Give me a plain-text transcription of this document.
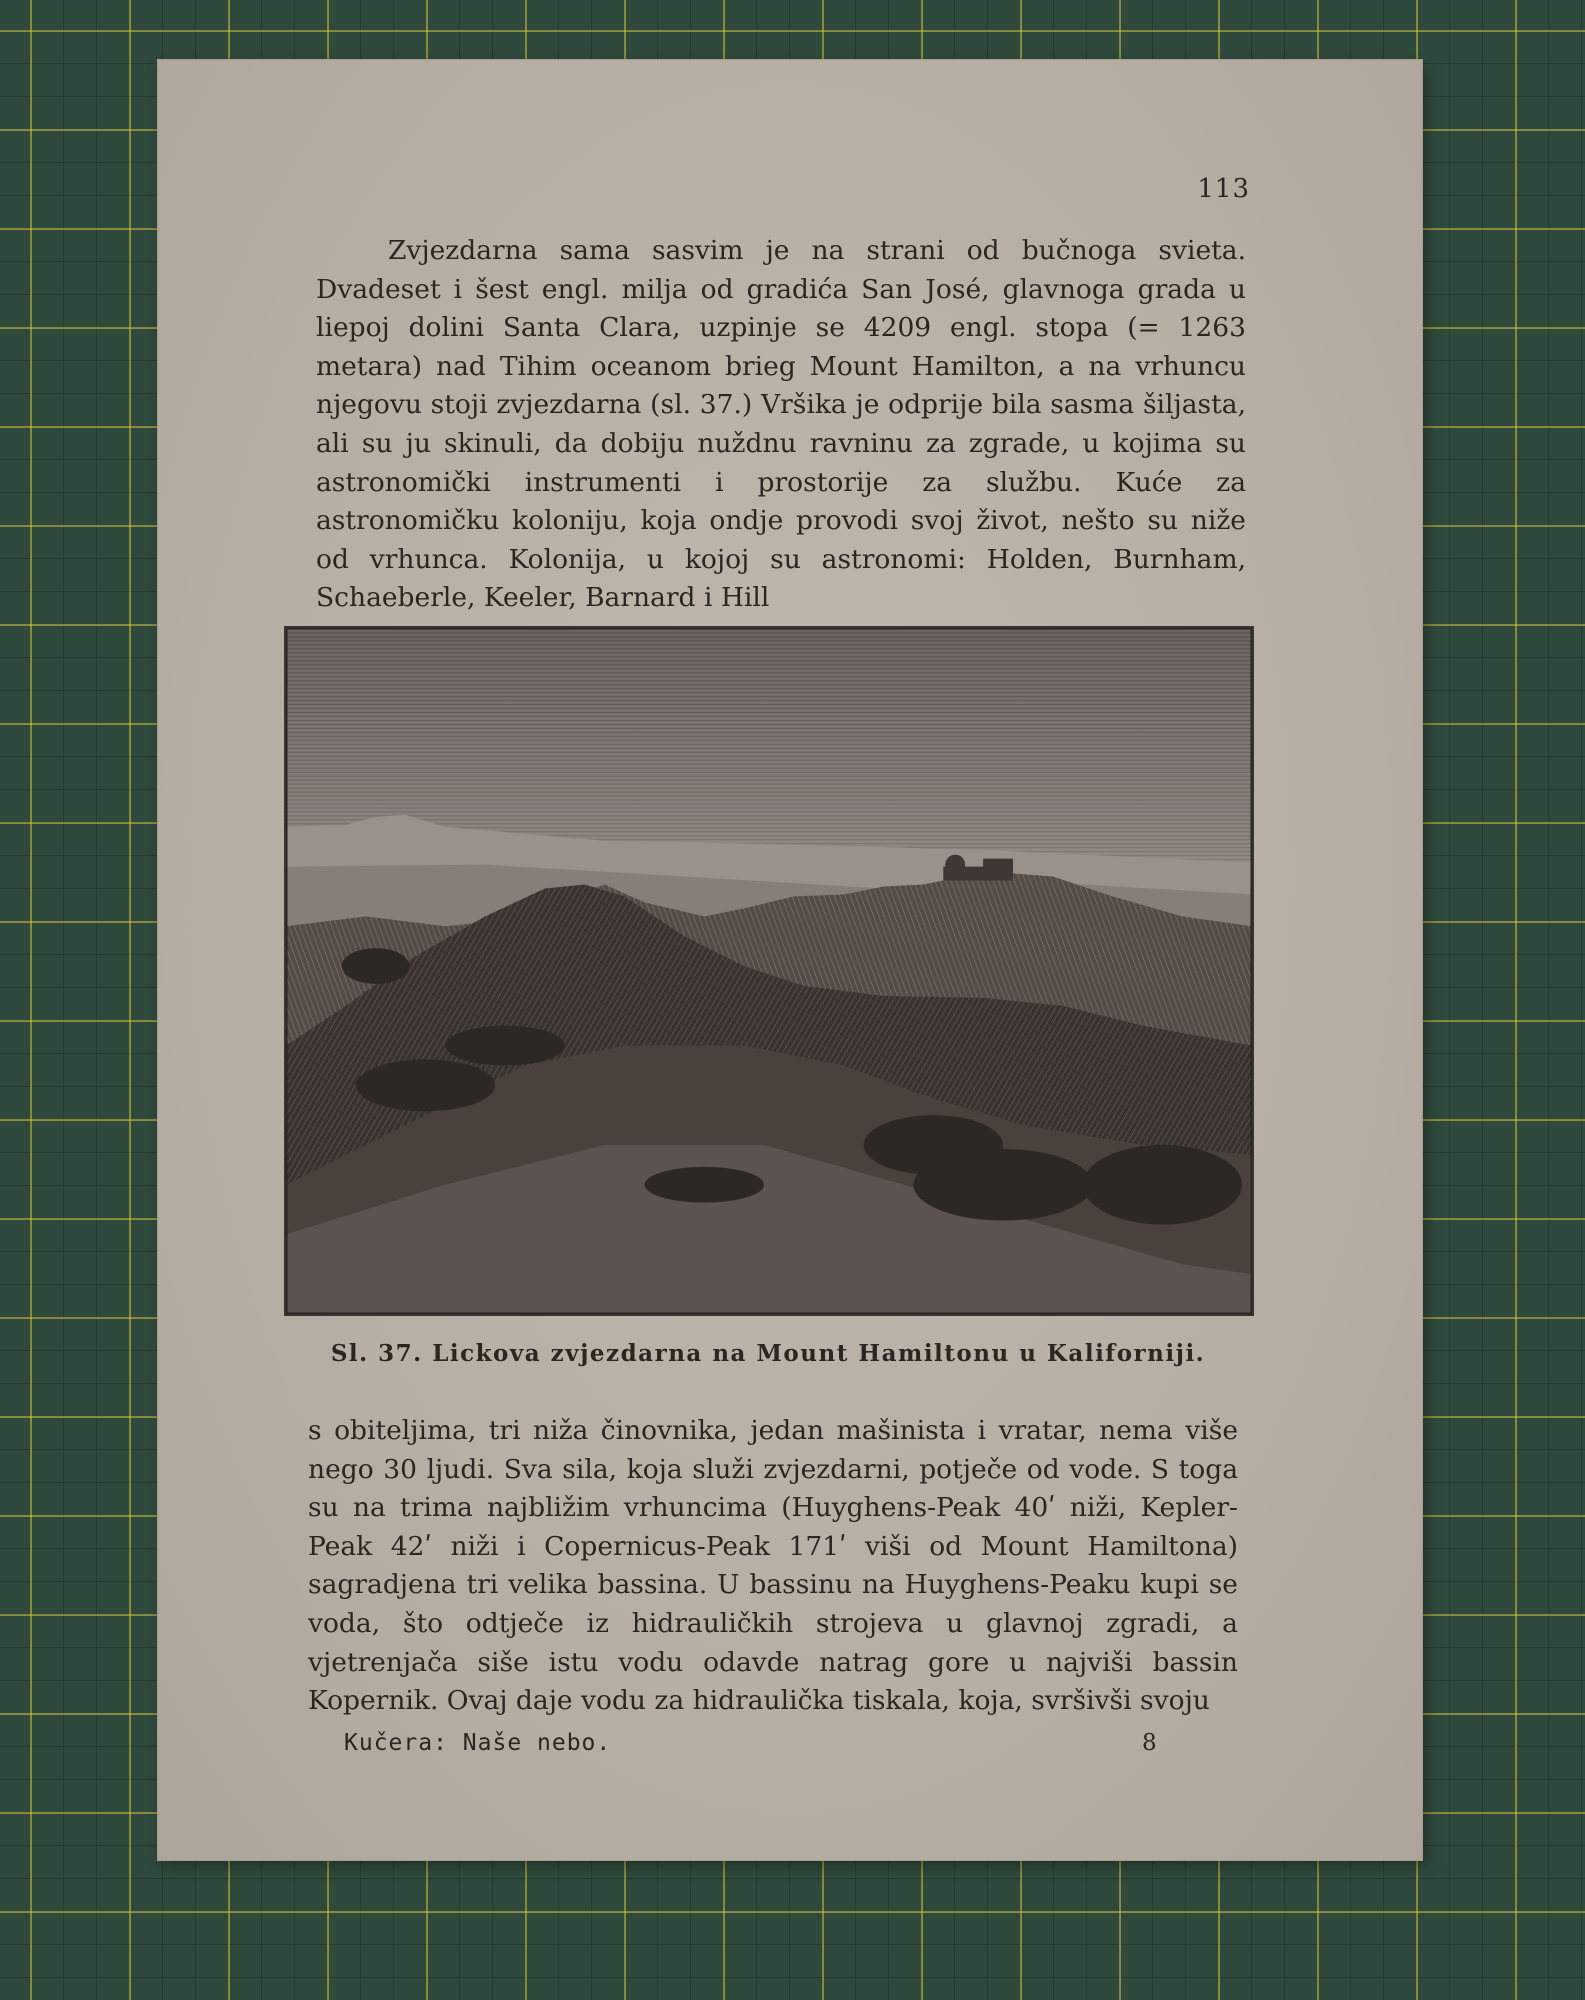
113

Zvjezdarna sama sasvim je na strani od bučnoga svieta. Dvadeset i šest engl. milja od gradića San José, glavnoga grada u liepoj dolini Santa Clara, uzpinje se 4209 engl. stopa (= 1263 metara) nad Tihim oceanom brieg Mount Hamilton, a na vrhuncu njegovu stoji zvjezdarna (sl. 37.) Vršika je odprije bila sasma šiljasta, ali su ju skinuli, da dobiju nuždnu ravninu za zgrade, u kojima su astronomički instrumenti i prostorije za službu. Kuće za astronomičku koloniju, koja ondje provodi svoj život, nešto su niže od vrhunca. Kolonija, u kojoj su astronomi: Holden, Burnham, Schaeberle, Keeler, Barnard i Hill

Sl. 37. Lickova zvjezdarna na Mount Hamiltonu u Kaliforniji.

s obiteljima, tri niža činovnika, jedan mašinista i vratar, nema više nego 30 ljudi. Sva sila, koja služi zvjezdarni, potječe od vode. S toga su na trima najbližim vrhuncima (Huyghens-Peak 40ʹ niži, Kepler-Peak 42ʹ niži i Copernicus-Peak 171ʹ viši od Mount Hamiltona) sagradjena tri velika bassina. U bassinu na Huyghens-Peaku kupi se voda, što odtječe iz hidrauličkih strojeva u glavnoj zgradi, a vjetrenjača siše istu vodu odavde natrag gore u najviši bassin Kopernik. Ovaj daje vodu za hidraulička tiskala, koja, svršivši svoju

Kučera: Naše nebo.	8
